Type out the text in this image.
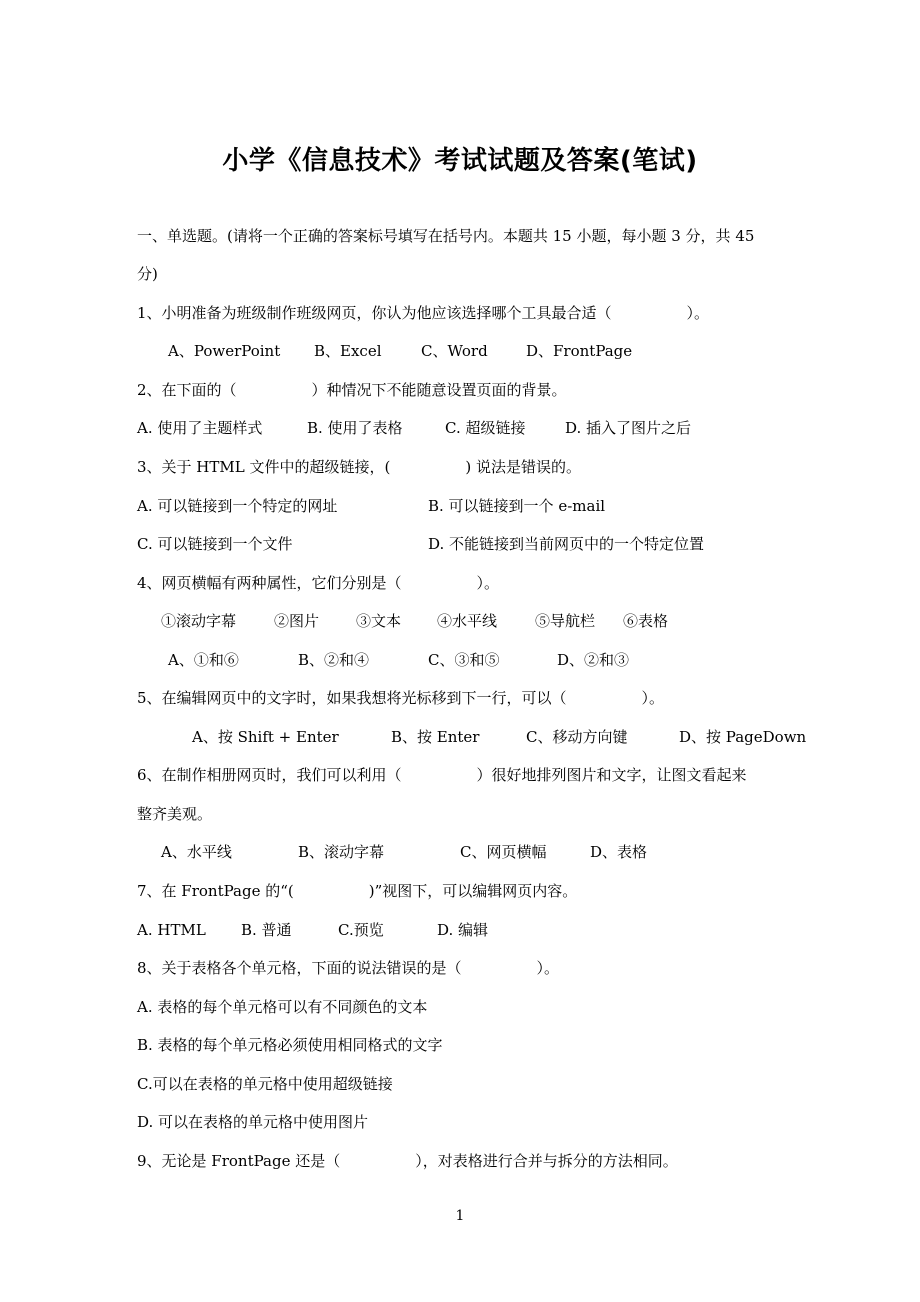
小学《信息技术》考试试题及答案(笔试)

一、单选题。(请将一个正确的答案标号填写在括号内。本题共 15 小题，每小题 3 分，共 45

分)

1、小明准备为班级制作班级网页，你认为他应该选择哪个工具最合适（　　　　　）。

A、PowerPoint B、Excel	C、Word	D、FrontPage

2、在下面的（　　　　　）种情况下不能随意设置页面的背景。

A. 使用了主题样式	B. 使用了表格	C. 超级链接	D. 插入了图片之后

3、关于 HTML 文件中的超级链接，(　　　　　) 说法是错误的。

A. 可以链接到一个特定的网址	B. 可以链接到一个 e-mail
C. 可以链接到一个文件	D. 不能链接到当前网页中的一个特定位置

4、网页横幅有两种属性，它们分别是（　　　　　）。

①滚动字幕	②图片 ③文本 ④水平线	⑤导航栏 ⑥表格
A、①和⑥	B、②和④	C、③和⑤	D、②和③

5、在编辑网页中的文字时，如果我想将光标移到下一行，可以（　　　　　）。

A、按 Shift + Enter	B、按 Enter	C、移动方向键	D、按 PageDown

6、在制作相册网页时，我们可以利用（　　　　　）很好地排列图片和文字，让图文看起来

整齐美观。

A、水平线	B、滚动字幕	C、网页横幅	D、表格

7、在 FrontPage 的“(　　　　　)”视图下，可以编辑网页内容。

A. HTML B. 普通	C.预览	D. 编辑

8、关于表格各个单元格，下面的说法错误的是（　　　　　）。

A. 表格的每个单元格可以有不同颜色的文本

B. 表格的每个单元格必须使用相同格式的文字

C.可以在表格的单元格中使用超级链接

D. 可以在表格的单元格中使用图片

9、无论是 FrontPage 还是（　　　　　），对表格进行合并与拆分的方法相同。

1
